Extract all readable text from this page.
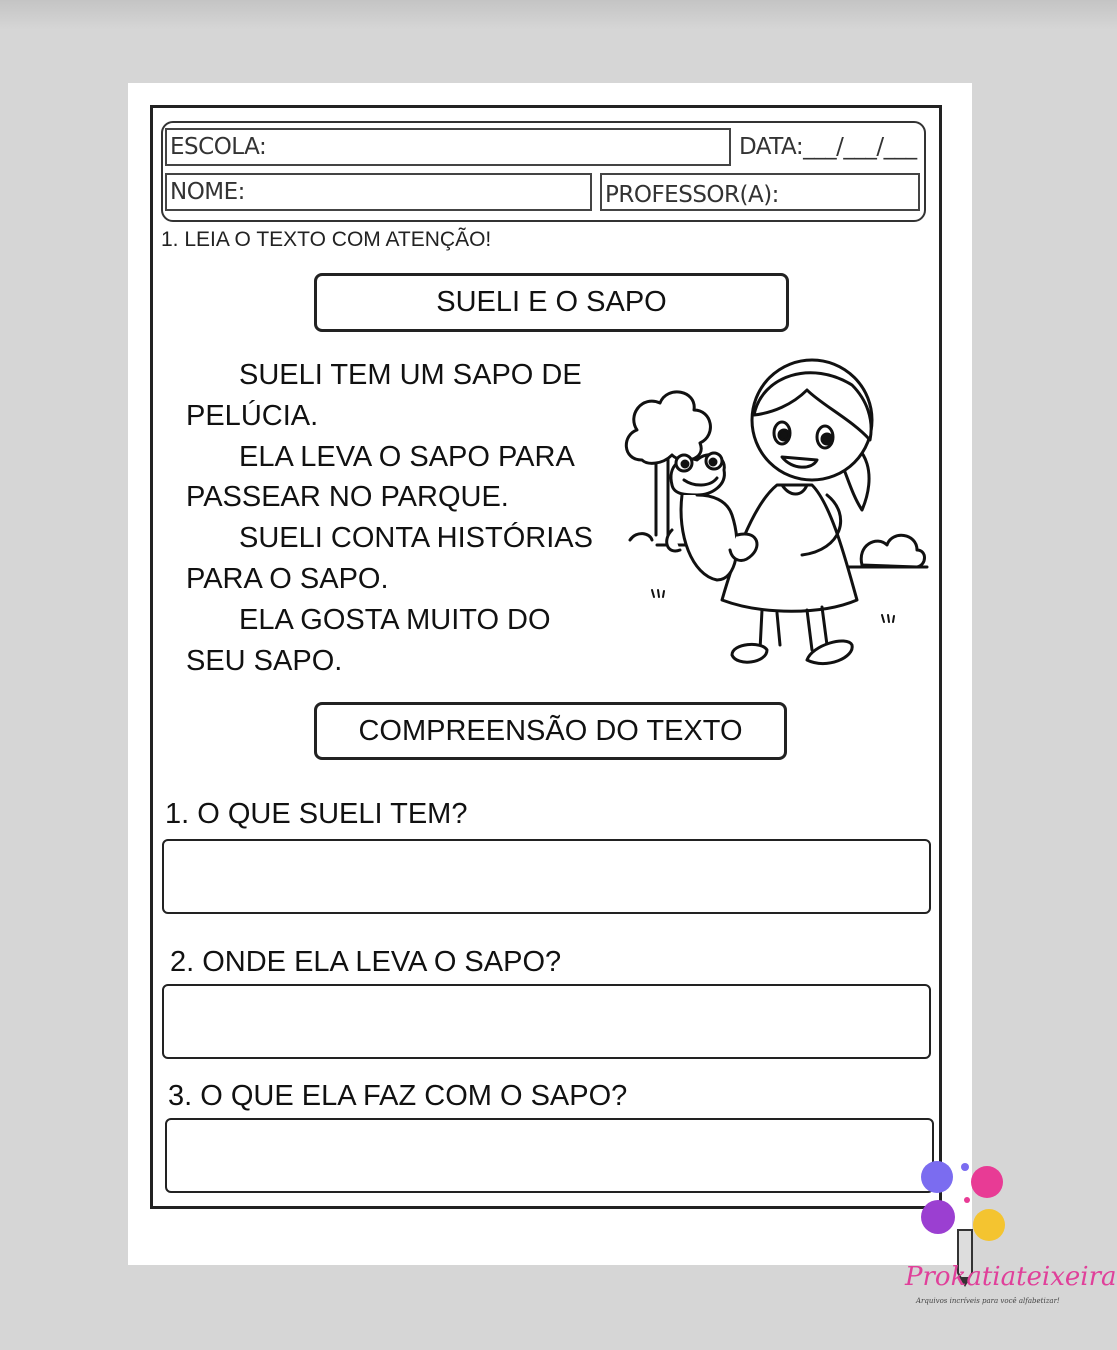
ESCOLA:	DATA:___/___/___
NOME:	PROFESSOR(A):
1. LEIA O TEXTO COM ATENÇÃO!
SUELI E O SAPO
SUELI TEM UM SAPO DE
PELÚCIA.
ELA LEVA O SAPO PARA
PASSEAR NO PARQUE.
SUELI CONTA HISTÓRIAS
PARA O SAPO.
ELA GOSTA MUITO DO
SEU SAPO.
COMPREENSÃO DO TEXTO
1. O QUE SUELI TEM?
2. ONDE ELA LEVA O SAPO?
3. O QUE ELA FAZ COM O SAPO?
Prokatiateixeira
Arquivos incríveis para você alfabetizar!
